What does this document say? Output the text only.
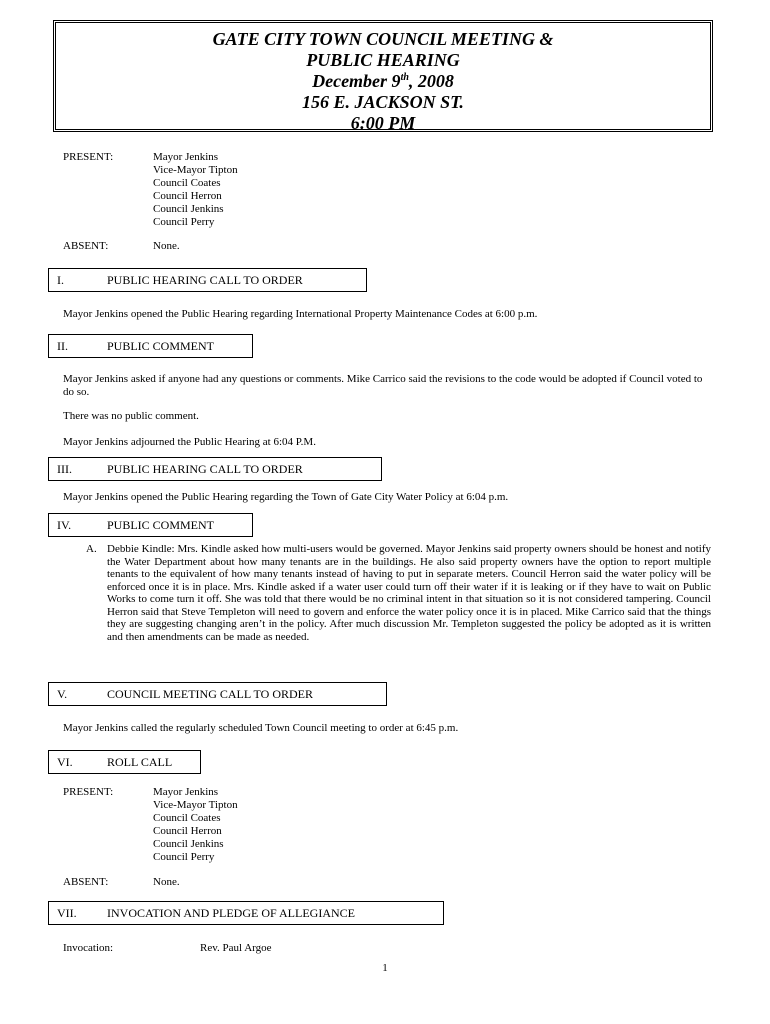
GATE CITY TOWN COUNCIL MEETING &
PUBLIC HEARING
December 9th, 2008
156 E. JACKSON ST.
6:00 PM
PRESENT:	Mayor Jenkins
Vice-Mayor Tipton
Council Coates
Council Herron
Council Jenkins
Council Perry
ABSENT:	None.
I.	PUBLIC HEARING CALL TO ORDER
Mayor Jenkins opened the Public Hearing regarding International Property Maintenance Codes at 6:00 p.m.
II.	PUBLIC COMMENT
Mayor Jenkins asked if anyone had any questions or comments. Mike Carrico said the revisions to the code would be adopted if Council voted to do so.
There was no public comment.
Mayor Jenkins adjourned the Public Hearing at 6:04 P.M.
III.	PUBLIC HEARING CALL TO ORDER
Mayor Jenkins opened the Public Hearing regarding the Town of Gate City Water Policy at 6:04 p.m.
IV.	PUBLIC COMMENT
A. Debbie Kindle: Mrs. Kindle asked how multi-users would be governed. Mayor Jenkins said property owners should be honest and notify the Water Department about how many tenants are in the buildings. He also said property owners have the option to report multiple tenants to the equivalent of how many tenants instead of having to put in separate meters. Council Herron said the water policy will be enforced once it is in place. Mrs. Kindle asked if a water user could turn off their water if it is leaking or if they have to wait on Public Works to come turn it off. She was told that there would be no criminal intent in that situation so it is not considered tampering. Council Herron said that Steve Templeton will need to govern and enforce the water policy once it is in placed. Mike Carrico said that the things they are suggesting changing aren’t in the policy. After much discussion Mr. Templeton suggested the policy be adopted as it is written and then amendments can be made as needed.
V.	COUNCIL MEETING CALL TO ORDER
Mayor Jenkins called the regularly scheduled Town Council meeting to order at 6:45 p.m.
VI.	ROLL CALL
PRESENT:	Mayor Jenkins
Vice-Mayor Tipton
Council Coates
Council Herron
Council Jenkins
Council Perry
ABSENT:	None.
VII.	INVOCATION AND PLEDGE OF ALLEGIANCE
Invocation:	Rev. Paul Argoe
1
